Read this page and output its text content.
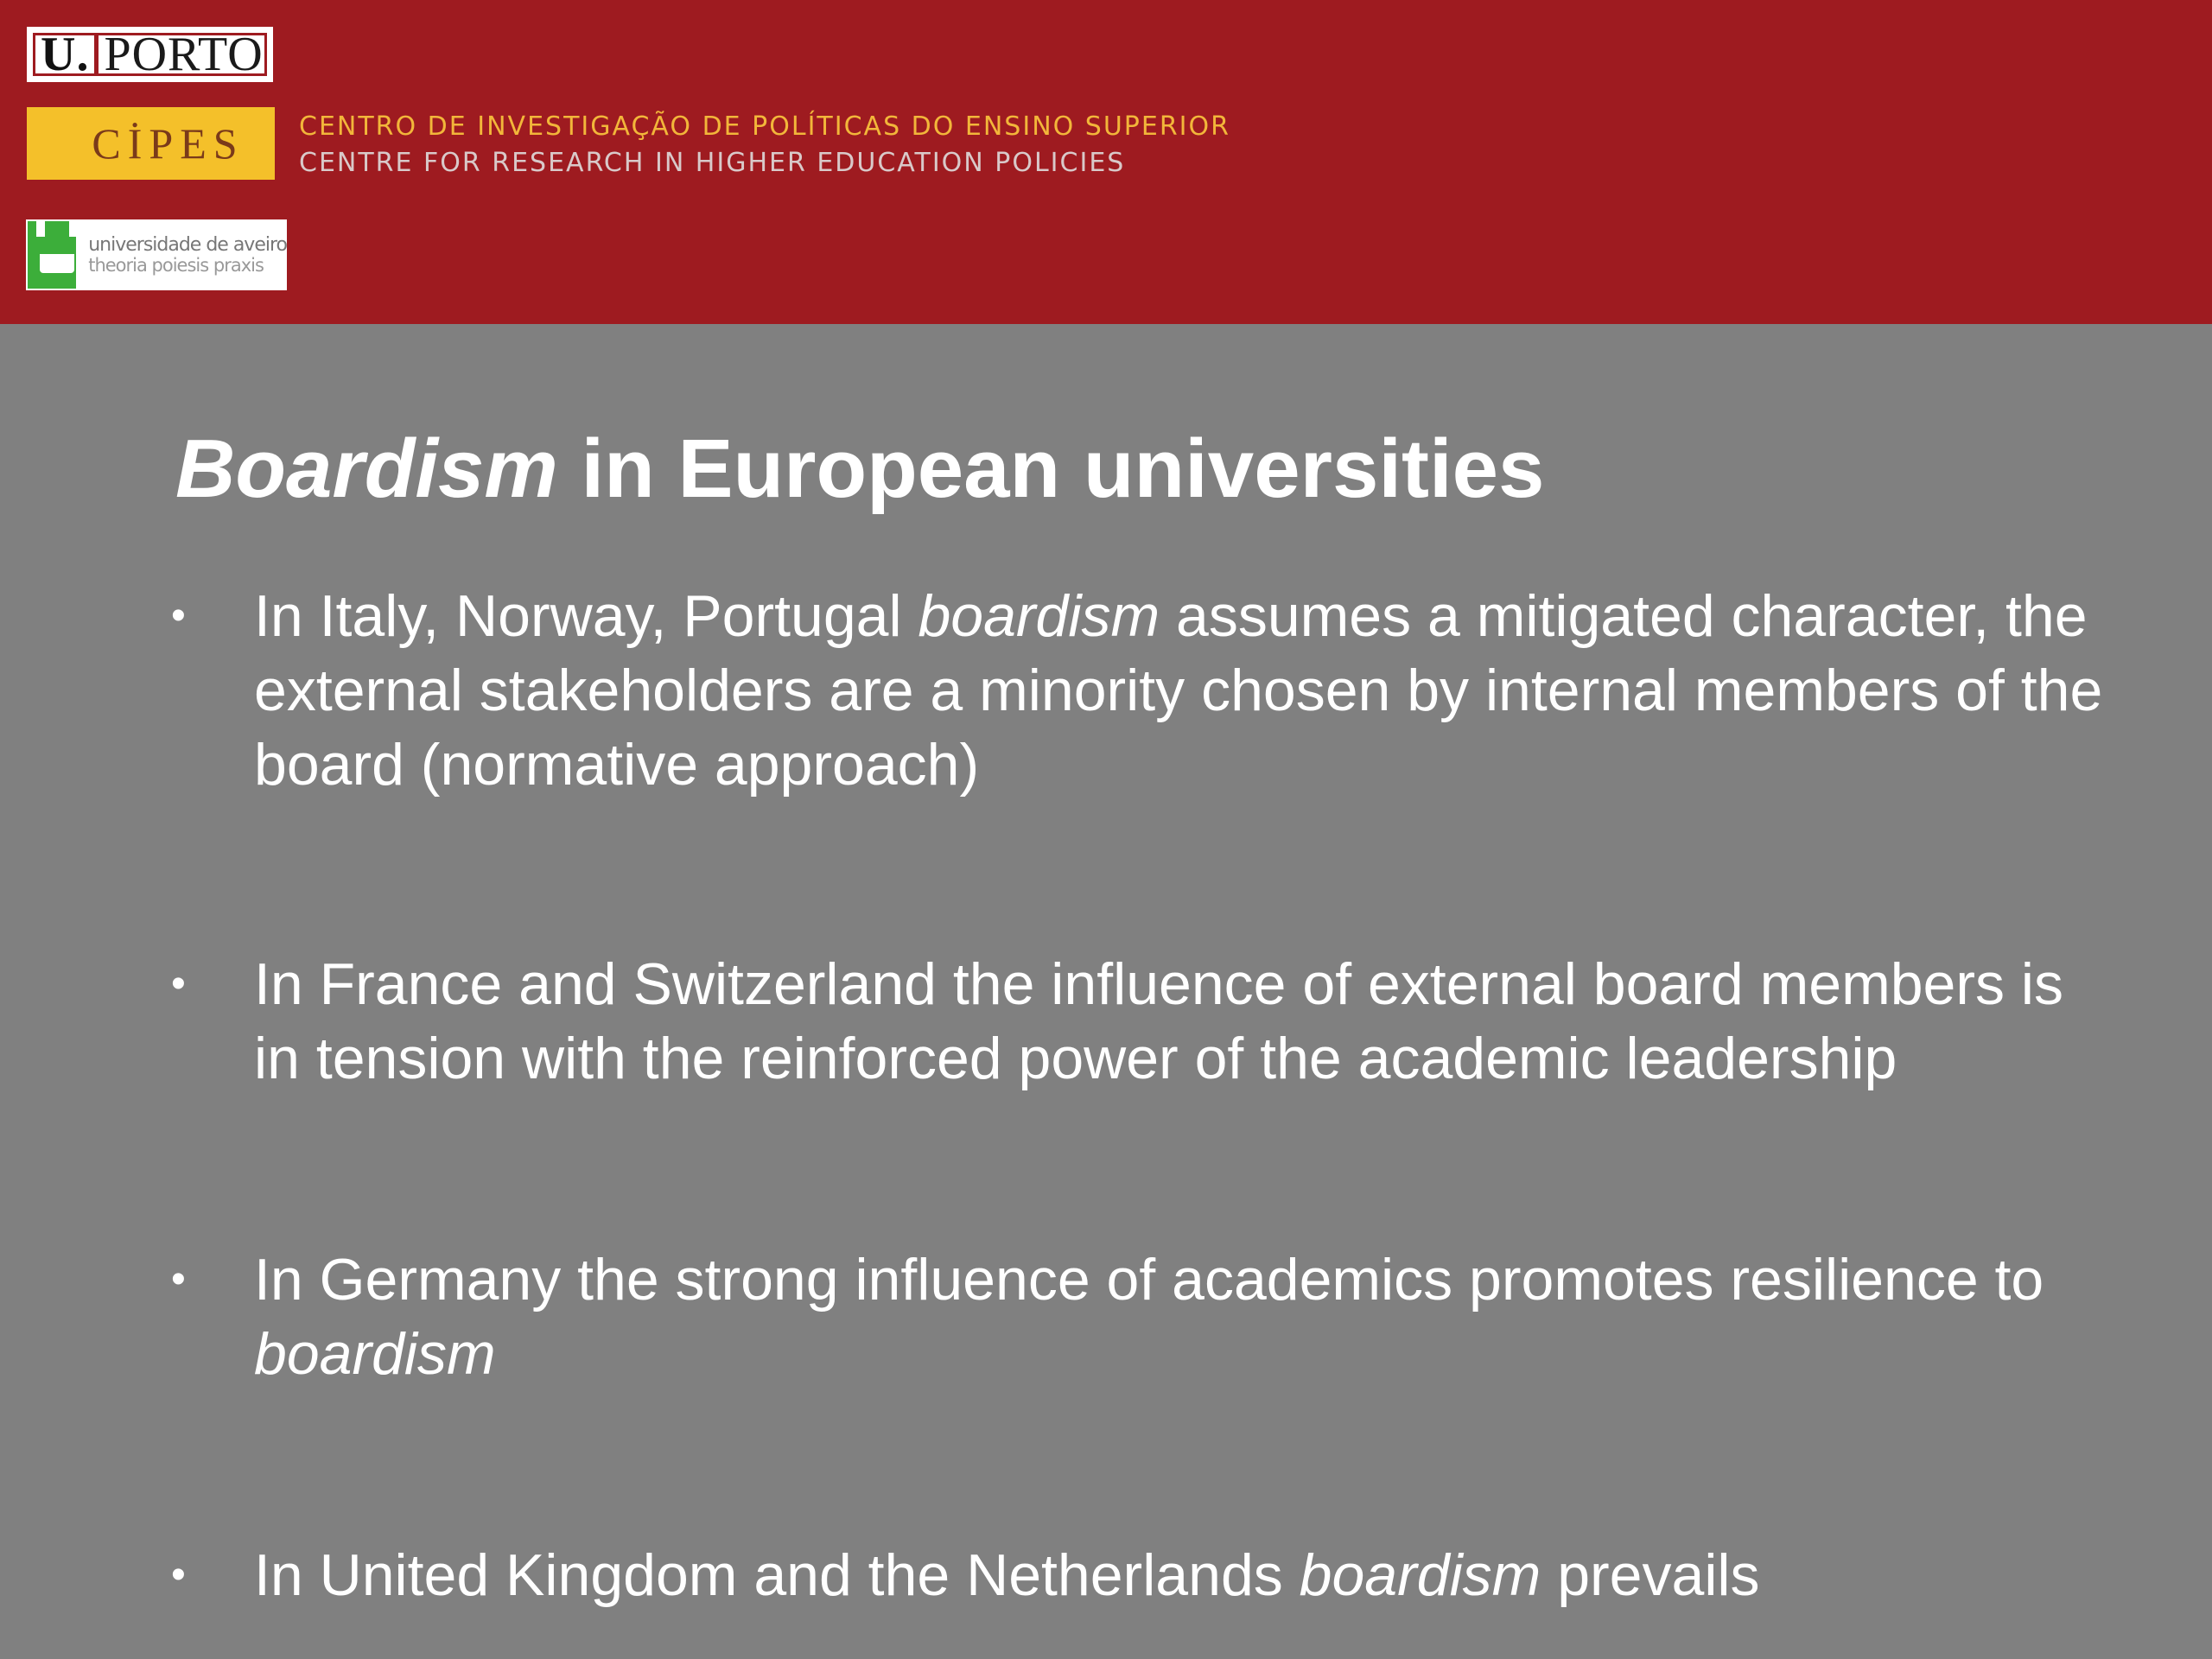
U. PORTO
CİPES	CENTRO DE INVESTIGAÇÃO DE POLÍTICAS DO ENSINO SUPERIOR
CENTRE FOR RESEARCH IN HIGHER EDUCATION POLICIES
universidade de aveiro
theoria poiesis praxis
Boardism in European universities
•	In Italy, Norway, Portugal boardism assumes a mitigated character, the external stakeholders are a minority chosen by internal members of the board (normative approach)
•	In France and Switzerland the influence of external board members is in tension with the reinforced power of the academic leadership
•	In Germany the strong influence of academics promotes resilience to boardism
•	In United Kingdom and the Netherlands boardism prevails
